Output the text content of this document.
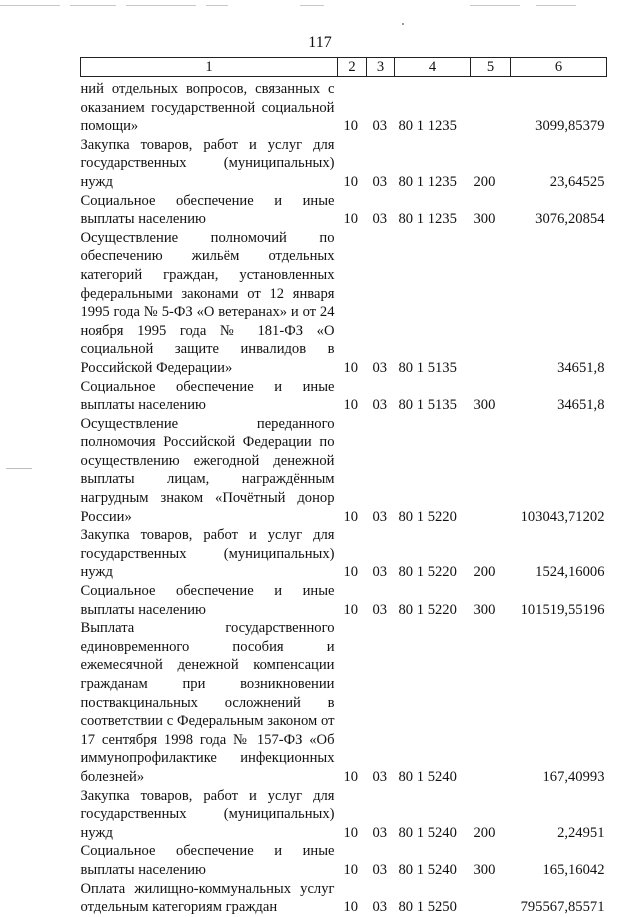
117
1	2	3	4	5	6
ний отдельных вопросов, связанных с оказанием государственной социальной помощи»	10	03	80 1 1235		3099,85379
Закупка товаров, работ и услуг для государственных (муниципальных) нужд	10	03	80 1 1235	200	23,64525
Социальное обеспечение и иные выплаты населению	10	03	80 1 1235	300	3076,20854
Осуществление полномочий по обеспечению жильём отдельных категорий граждан, установленных федеральными законами от 12 января 1995 года № 5-ФЗ «О ветеранах» и от 24 ноября 1995 года № 181-ФЗ «О социальной защите инвалидов в Российской Федерации»	10	03	80 1 5135		34651,8
Социальное обеспечение и иные выплаты населению	10	03	80 1 5135	300	34651,8
Осуществление переданного полномочия Российской Федерации по осуществлению ежегодной денежной выплаты лицам, награждённым нагрудным знаком «Почётный донор России»	10	03	80 1 5220		103043,71202
Закупка товаров, работ и услуг для государственных (муниципальных) нужд	10	03	80 1 5220	200	1524,16006
Социальное обеспечение и иные выплаты населению	10	03	80 1 5220	300	101519,55196
Выплата государственного единовременного пособия и ежемесячной денежной компенсации гражданам при возникновении поствакцинальных осложнений в соответствии с Федеральным законом от 17 сентября 1998 года № 157-ФЗ «Об иммунопрофилактике инфекционных болезней»	10	03	80 1 5240		167,40993
Закупка товаров, работ и услуг для государственных (муниципальных) нужд	10	03	80 1 5240	200	2,24951
Социальное обеспечение и иные выплаты населению	10	03	80 1 5240	300	165,16042
Оплата жилищно-коммунальных услуг отдельным категориям граждан	10	03	80 1 5250		795567,85571
